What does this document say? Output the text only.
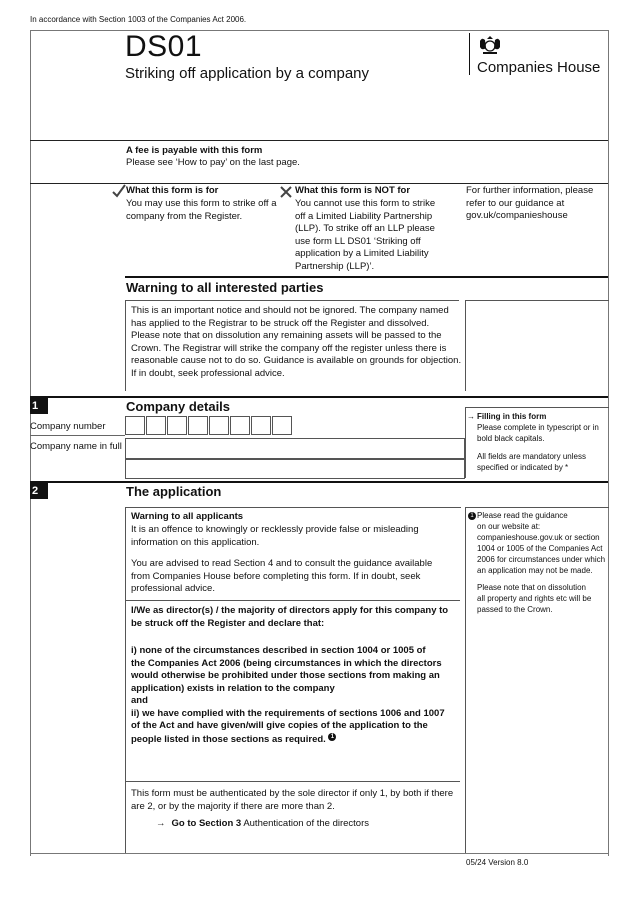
In accordance with Section 1003 of the Companies Act 2006.
DS01
Striking off application by a company	Companies House
A fee is payable with this form
Please see ‘How to pay’ on the last page.
What this form is for

You may use this form to strike off a

company from the Register.

What this form is NOT for

You cannot use this form to strike

off a Limited Liability Partnership

(LLP). To strike off an LLP please

use form LL DS01 ‘Striking off

application by a Limited Liability

Partnership (LLP)’.

For further information, please

refer to our guidance at

gov.uk/companieshouse

Warning to all interested parties

This is an important notice and should not be ignored. The company named

has applied to the Registrar to be struck off the Register and dissolved.

Please note that on dissolution any remaining assets will be passed to the

Crown. The Registrar will strike the company off the register unless there is

reasonable cause not to do so. Guidance is available on grounds for objection.

If in doubt, seek professional advice.

1	Company details
Company number
Company name in full
→ Filling in this form

Please complete in typescript or in

bold black capitals.

All fields are mandatory unless

specified or indicated by *

2	The application
Warning to all applicants

It is an offence to knowingly or recklessly provide false or misleading

information on this application.

You are advised to read Section 4 and to consult the guidance available

from Companies House before completing this form. If in doubt, seek

professional advice.

I/We as director(s) / the majority of directors apply for this company to

be struck off the Register and declare that:

i) none of the circumstances described in section 1004 or 1005 of

the Companies Act 2006 (being circumstances in which the directors

would otherwise be prohibited under those sections from making an

application) exists in relation to the company

and

ii) we have complied with the requirements of sections 1006 and 1007

of the Act and have given/will give copies of the application to the

people listed in those sections as required. 1

This form must be authenticated by the sole director if only 1, by both if there

are 2, or by the majority if there are more than 2.

→ Go to Section 3 Authentication of the directors
1 Please read the guidance

on our website at:

companieshouse.gov.uk or section

1004 or 1005 of the Companies Act

2006 for circumstances under which

an application may not be made.

Please note that on dissolution

all property and rights etc will be

passed to the Crown.

05/24 Version 8.0
